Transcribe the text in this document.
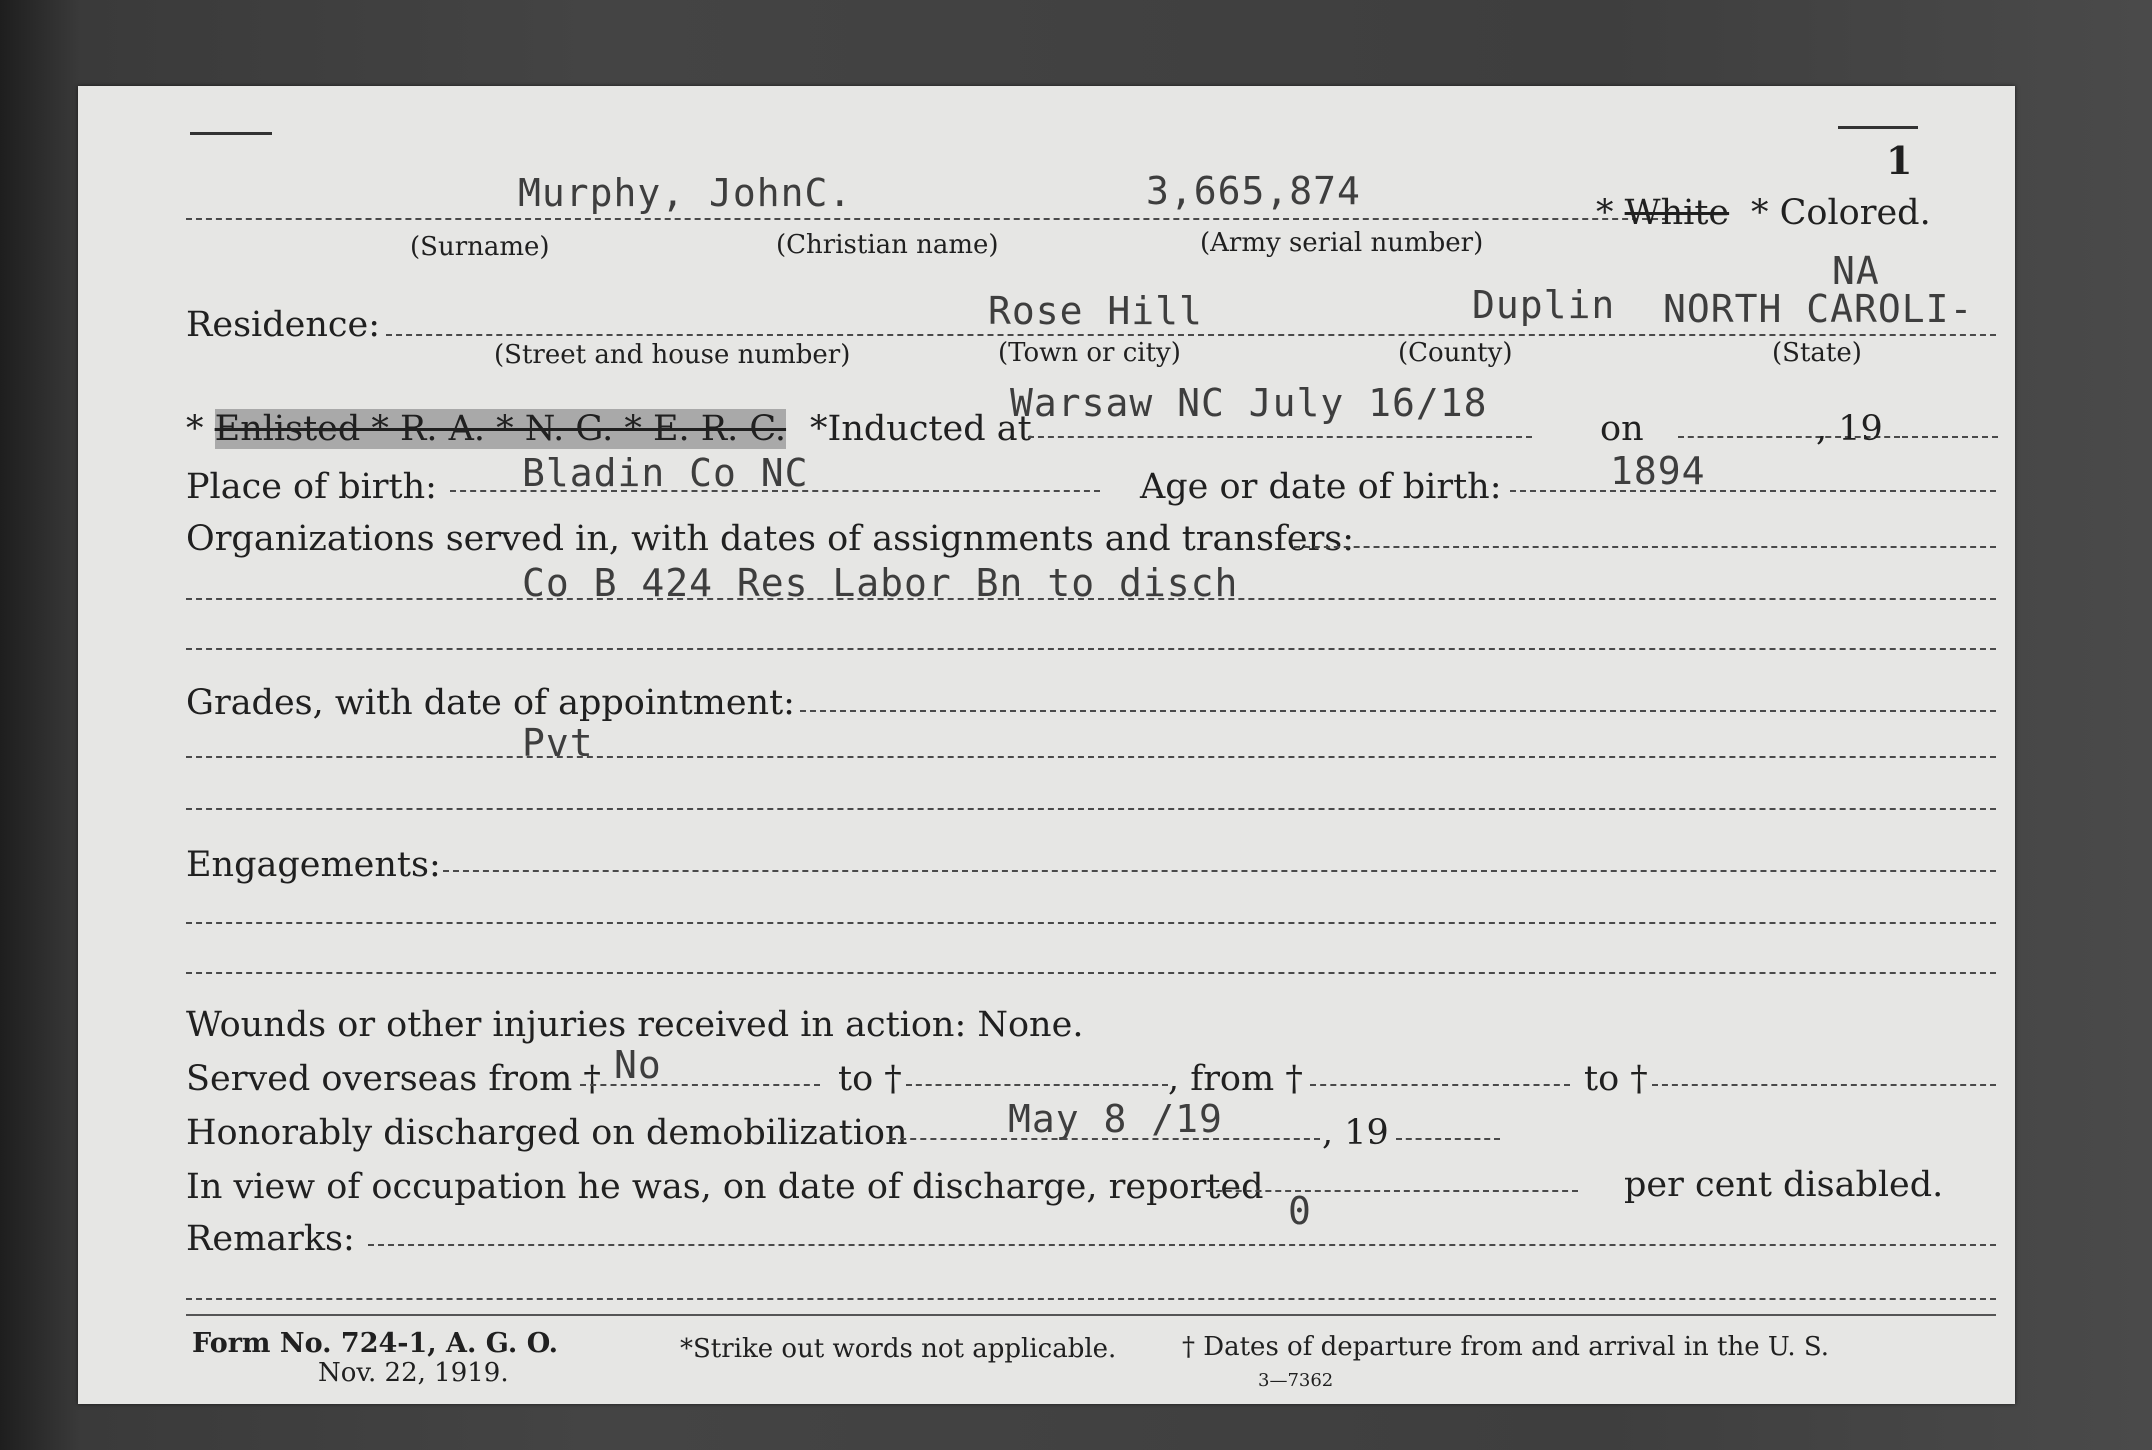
1
Murphy, JohnC.	3,665,874	* White * Colored.
(Surname)	(Christian name)	(Army serial number)
NA
Residence:	Rose Hill	Duplin NORTH CAROLI-
(Street and house number)	(Town or city)	(County)	(State)
* Enlisted * R. A. * N. G. * E. R. C. *Inducted at
Warsaw NC July 16/18
on	, 19
Place of birth: Bladin Co NC	Age or date of birth:	1894
Organizations served in, with dates of assignments and transfers:
Co B 424 Res Labor Bn to disch
Grades, with date of appointment:
Pvt
Engagements:
Wounds or other injuries received in action: None.
Served overseas from † No	to †	, from †	to †
Honorably discharged on demobilization	May 8 /19	, 19
In view of occupation he was, on date of discharge, reported
0
per cent disabled.
Remarks:
Form No. 724-1, A. G. O.
Nov. 22, 1919.
*Strike out words not applicable.	† Dates of departure from and arrival in the U. S.
3—7362
